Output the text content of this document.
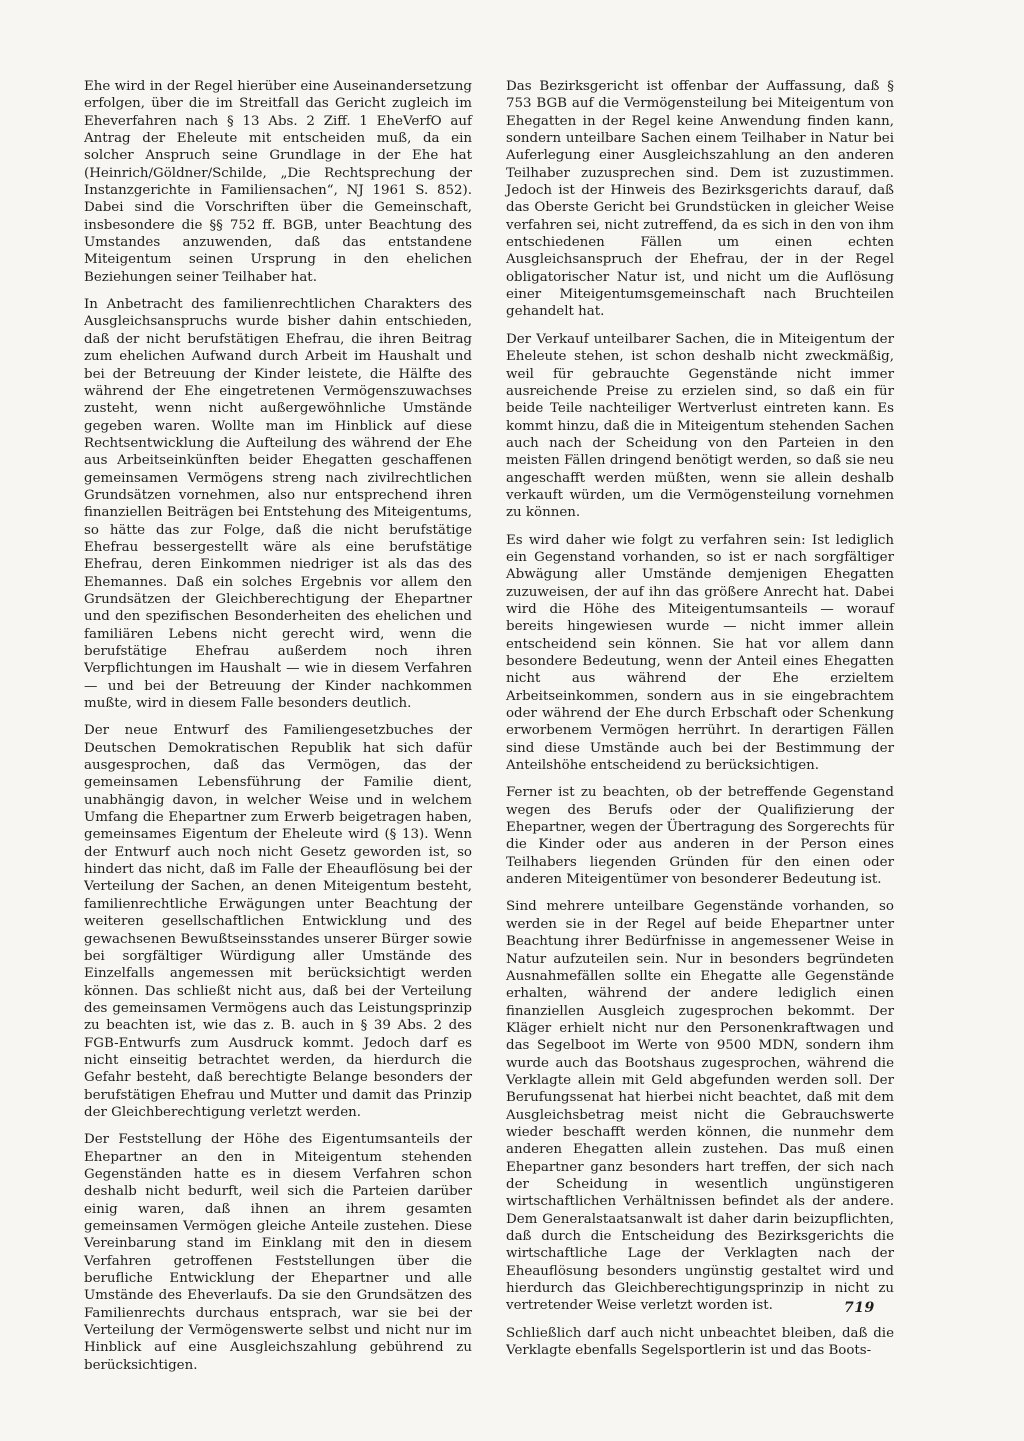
Ehe wird in der Regel hierüber eine Auseinandersetzung erfolgen, über die im Streitfall das Gericht zugleich im Eheverfahren nach § 13 Abs. 2 Ziff. 1 EheVerfO auf Antrag der Eheleute mit entscheiden muß, da ein solcher Anspruch seine Grundlage in der Ehe hat (Heinrich/Göldner/Schilde, „Die Rechtsprechung der Instanzgerichte in Familiensachen“, NJ 1961 S. 852). Dabei sind die Vorschriften über die Gemeinschaft, insbesondere die §§ 752 ff. BGB, unter Beachtung des Umstandes anzuwenden, daß das entstandene Miteigentum seinen Ursprung in den ehelichen Beziehungen seiner Teilhaber hat.

In Anbetracht des familienrechtlichen Charakters des Ausgleichsanspruchs wurde bisher dahin entschieden, daß der nicht berufstätigen Ehefrau, die ihren Beitrag zum ehelichen Aufwand durch Arbeit im Haushalt und bei der Betreuung der Kinder leistete, die Hälfte des während der Ehe eingetretenen Vermögenszuwachses zusteht, wenn nicht außergewöhnliche Umstände gegeben waren. Wollte man im Hinblick auf diese Rechtsentwicklung die Aufteilung des während der Ehe aus Arbeitseinkünften beider Ehegatten geschaffenen gemeinsamen Vermögens streng nach zivilrechtlichen Grundsätzen vornehmen, also nur entsprechend ihren finanziellen Beiträgen bei Entstehung des Miteigentums, so hätte das zur Folge, daß die nicht berufstätige Ehefrau bessergestellt wäre als eine berufstätige Ehefrau, deren Einkommen niedriger ist als das des Ehemannes. Daß ein solches Ergebnis vor allem den Grundsätzen der Gleichberechtigung der Ehepartner und den spezifischen Besonderheiten des ehelichen und familiären Lebens nicht gerecht wird, wenn die berufstätige Ehefrau außerdem noch ihren Verpflichtungen im Haushalt — wie in diesem Verfahren — und bei der Betreuung der Kinder nachkommen mußte, wird in diesem Falle besonders deutlich.

Der neue Entwurf des Familiengesetzbuches der Deutschen Demokratischen Republik hat sich dafür ausgesprochen, daß das Vermögen, das der gemeinsamen Lebensführung der Familie dient, unabhängig davon, in welcher Weise und in welchem Umfang die Ehepartner zum Erwerb beigetragen haben, gemeinsames Eigentum der Eheleute wird (§ 13). Wenn der Entwurf auch noch nicht Gesetz geworden ist, so hindert das nicht, daß im Falle der Eheauflösung bei der Verteilung der Sachen, an denen Miteigentum besteht, familienrechtliche Erwägungen unter Beachtung der weiteren gesellschaftlichen Entwicklung und des gewachsenen Bewußtseinsstandes unserer Bürger sowie bei sorgfältiger Würdigung aller Umstände des Einzelfalls angemessen mit berücksichtigt werden können. Das schließt nicht aus, daß bei der Verteilung des gemeinsamen Vermögens auch das Leistungsprinzip zu beachten ist, wie das z. B. auch in § 39 Abs. 2 des FGB-Entwurfs zum Ausdruck kommt. Jedoch darf es nicht einseitig betrachtet werden, da hierdurch die Gefahr besteht, daß berechtigte Belange besonders der berufstätigen Ehefrau und Mutter und damit das Prinzip der Gleichberechtigung verletzt werden.

Der Feststellung der Höhe des Eigentumsanteils der Ehepartner an den in Miteigentum stehenden Gegenständen hatte es in diesem Verfahren schon deshalb nicht bedurft, weil sich die Parteien darüber einig waren, daß ihnen an ihrem gesamten gemeinsamen Vermögen gleiche Anteile zustehen. Diese Vereinbarung stand im Einklang mit den in diesem Verfahren getroffenen Feststellungen über die berufliche Entwicklung der Ehepartner und alle Umstände des Eheverlaufs. Da sie den Grundsätzen des Familienrechts durchaus entsprach, war sie bei der Verteilung der Vermögenswerte selbst und nicht nur im Hinblick auf eine Ausgleichszahlung gebührend zu berücksichtigen.

Das Bezirksgericht ist offenbar der Auffassung, daß § 753 BGB auf die Vermögensteilung bei Miteigentum von Ehegatten in der Regel keine Anwendung finden kann, sondern unteilbare Sachen einem Teilhaber in Natur bei Auferlegung einer Ausgleichszahlung an den anderen Teilhaber zuzusprechen sind. Dem ist zuzustimmen. Jedoch ist der Hinweis des Bezirksgerichts darauf, daß das Oberste Gericht bei Grundstücken in gleicher Weise verfahren sei, nicht zutreffend, da es sich in den von ihm entschiedenen Fällen um einen echten Ausgleichsanspruch der Ehefrau, der in der Regel obligatorischer Natur ist, und nicht um die Auflösung einer Miteigentumsgemeinschaft nach Bruchteilen gehandelt hat.

Der Verkauf unteilbarer Sachen, die in Miteigentum der Eheleute stehen, ist schon deshalb nicht zweckmäßig, weil für gebrauchte Gegenstände nicht immer ausreichende Preise zu erzielen sind, so daß ein für beide Teile nachteiliger Wertverlust eintreten kann. Es kommt hinzu, daß die in Miteigentum stehenden Sachen auch nach der Scheidung von den Parteien in den meisten Fällen dringend benötigt werden, so daß sie neu angeschafft werden müßten, wenn sie allein deshalb verkauft würden, um die Vermögensteilung vornehmen zu können.

Es wird daher wie folgt zu verfahren sein: Ist lediglich ein Gegenstand vorhanden, so ist er nach sorgfältiger Abwägung aller Umstände demjenigen Ehegatten zuzuweisen, der auf ihn das größere Anrecht hat. Dabei wird die Höhe des Miteigentumsanteils — worauf bereits hingewiesen wurde — nicht immer allein entscheidend sein können. Sie hat vor allem dann besondere Bedeutung, wenn der Anteil eines Ehegatten nicht aus während der Ehe erzieltem Arbeitseinkommen, sondern aus in sie eingebrachtem oder während der Ehe durch Erbschaft oder Schenkung erworbenem Vermögen herrührt. In derartigen Fällen sind diese Umstände auch bei der Bestimmung der Anteilshöhe entscheidend zu berücksichtigen.

Ferner ist zu beachten, ob der betreffende Gegenstand wegen des Berufs oder der Qualifizierung der Ehepartner, wegen der Übertragung des Sorgerechts für die Kinder oder aus anderen in der Person eines Teilhabers liegenden Gründen für den einen oder anderen Miteigentümer von besonderer Bedeutung ist.

Sind mehrere unteilbare Gegenstände vorhanden, so werden sie in der Regel auf beide Ehepartner unter Beachtung ihrer Bedürfnisse in angemessener Weise in Natur aufzuteilen sein. Nur in besonders begründeten Ausnahmefällen sollte ein Ehegatte alle Gegenstände erhalten, während der andere lediglich einen finanziellen Ausgleich zugesprochen bekommt. Der Kläger erhielt nicht nur den Personenkraftwagen und das Segelboot im Werte von 9500 MDN, sondern ihm wurde auch das Bootshaus zugesprochen, während die Verklagte allein mit Geld abgefunden werden soll. Der Berufungssenat hat hierbei nicht beachtet, daß mit dem Ausgleichsbetrag meist nicht die Gebrauchswerte wieder beschafft werden können, die nunmehr dem anderen Ehegatten allein zustehen. Das muß einen Ehepartner ganz besonders hart treffen, der sich nach der Scheidung in wesentlich ungünstigeren wirtschaftlichen Verhältnissen befindet als der andere. Dem Generalstaatsanwalt ist daher darin beizupflichten, daß durch die Entscheidung des Bezirksgerichts die wirtschaftliche Lage der Verklagten nach der Eheauflösung besonders ungünstig gestaltet wird und hierdurch das Gleichberechtigungsprinzip in nicht zu vertretender Weise verletzt worden ist.

Schließlich darf auch nicht unbeachtet bleiben, daß die Verklagte ebenfalls Segelsportlerin ist und das Boots-

719
